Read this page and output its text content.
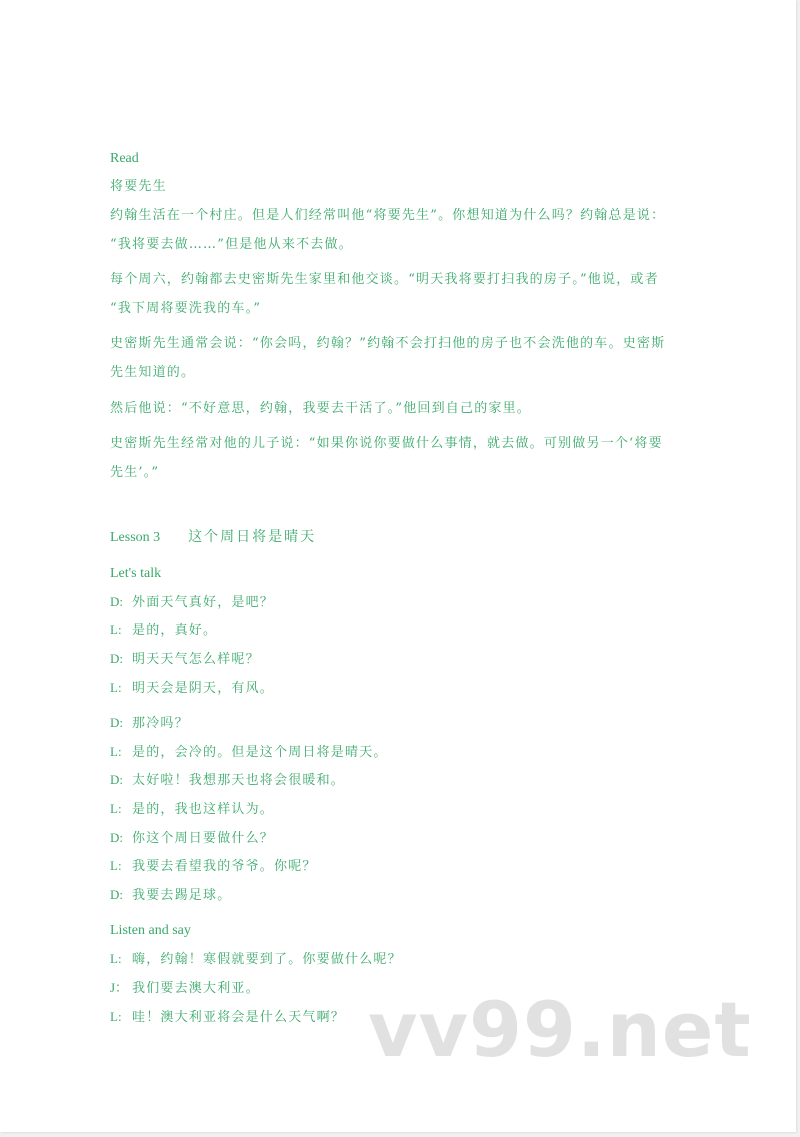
Read
将要先生
约翰生活在一个村庄。但是人们经常叫他“将要先生”。你想知道为什么吗？约翰总是说：
“我将要去做……”但是他从来不去做。
每个周六，约翰都去史密斯先生家里和他交谈。“明天我将要打扫我的房子。”他说，或者
“我下周将要洗我的车。”
史密斯先生通常会说：“你会吗，约翰？”约翰不会打扫他的房子也不会洗他的车。史密斯
先生知道的。
然后他说：“不好意思，约翰，我要去干活了。”他回到自己的家里。
史密斯先生经常对他的儿子说：“如果你说你要做什么事情，就去做。可别做另一个‘将要
先生’。”
Lesson 3 这个周日将是晴天
Let's talk
D: 外面天气真好，是吧？
L: 是的，真好。
D: 明天天气怎么样呢？
L: 明天会是阴天，有风。
D: 那冷吗？
L: 是的，会冷的。但是这个周日将是晴天。
D: 太好啦！我想那天也将会很暖和。
L: 是的，我也这样认为。
D: 你这个周日要做什么？
L: 我要去看望我的爷爷。你呢？
D: 我要去踢足球。
Listen and say
L: 嗨，约翰！寒假就要到了。你要做什么呢？
J： 我们要去澳大利亚。
L: 哇！澳大利亚将会是什么天气啊？ vv99.net
